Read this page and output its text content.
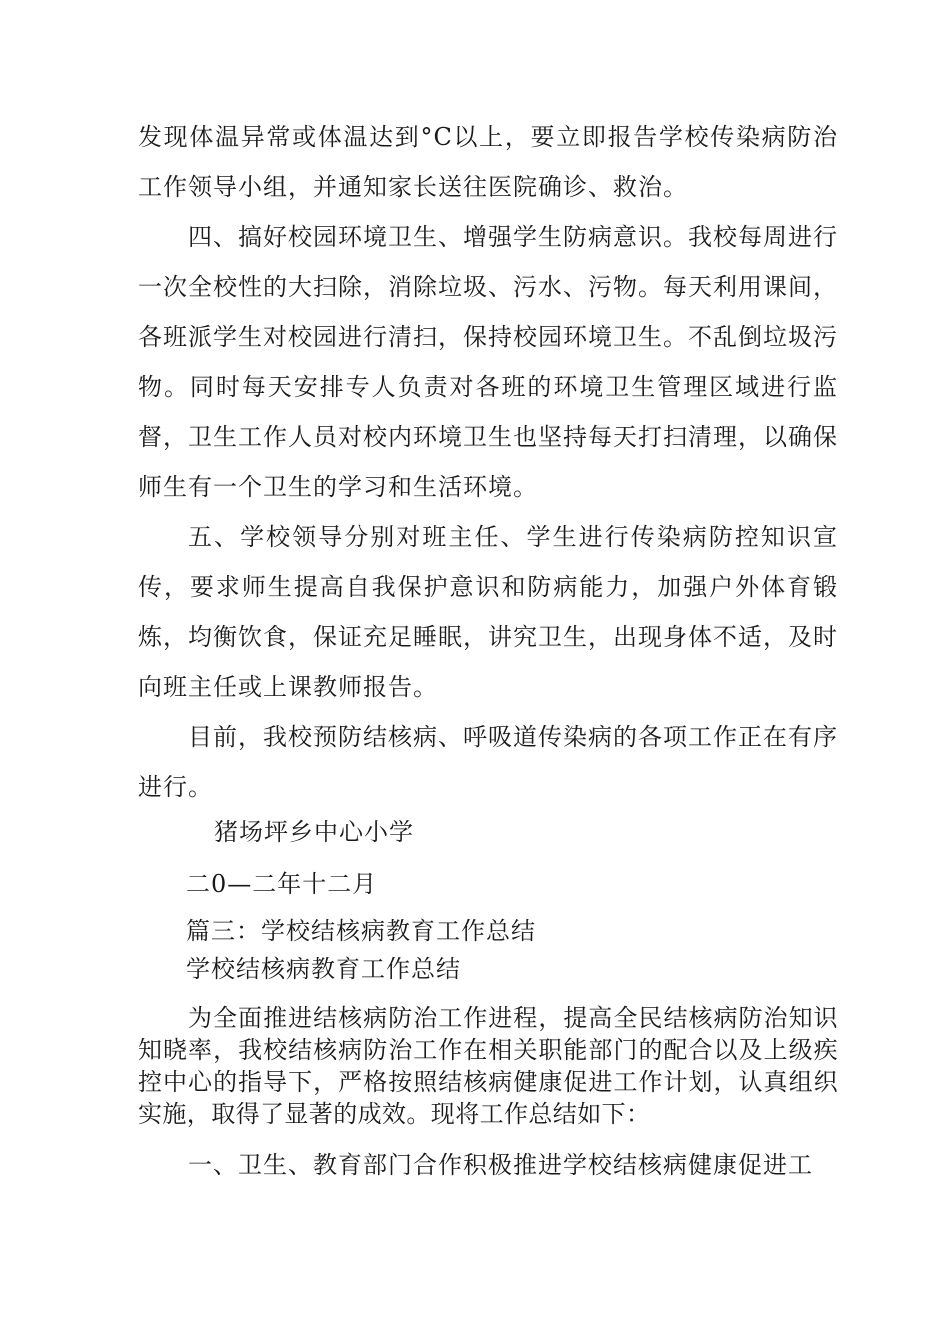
发现体温异常或体温达到°C以上，要立即报告学校传染病防治工作领导小组，并通知家长送往医院确诊、救治。

四、搞好校园环境卫生、增强学生防病意识。我校每周进行一次全校性的大扫除，消除垃圾、污水、污物。每天利用课间，各班派学生对校园进行清扫，保持校园环境卫生。不乱倒垃圾污物。同时每天安排专人负责对各班的环境卫生管理区域进行监督，卫生工作人员对校内环境卫生也坚持每天打扫清理，以确保师生有一个卫生的学习和生活环境。

五、学校领导分别对班主任、学生进行传染病防控知识宣传，要求师生提高自我保护意识和防病能力，加强户外体育锻炼，均衡饮食，保证充足睡眠，讲究卫生，出现身体不适，及时向班主任或上课教师报告。

目前，我校预防结核病、呼吸道传染病的各项工作正在有序进行。

猪场坪乡中心小学

二0—二年十二月

篇三：学校结核病教育工作总结

学校结核病教育工作总结

为全面推进结核病防治工作进程，提高全民结核病防治知识知晓率，我校结核病防治工作在相关职能部门的配合以及上级疾控中心的指导下，严格按照结核病健康促进工作计划，认真组织实施，取得了显著的成效。现将工作总结如下：

一、卫生、教育部门合作积极推进学校结核病健康促进工
